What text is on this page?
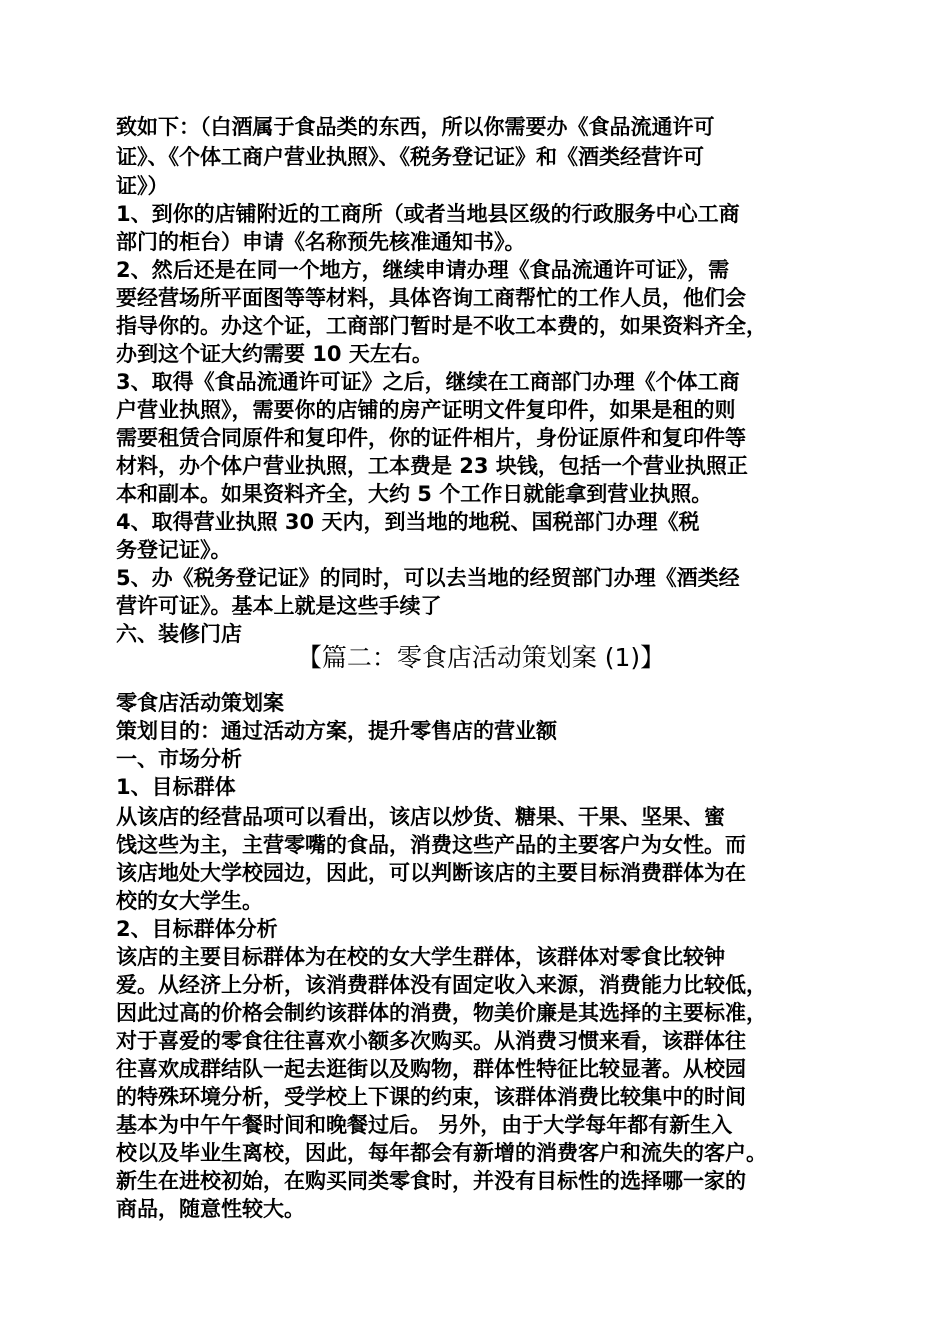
致如下：（白酒属于食品类的东西，所以你需要办《食品流通许可
证》、《个体工商户营业执照》、《税务登记证》和《酒类经营许可
证》）
1、到你的店铺附近的工商所（或者当地县区级的行政服务中心工商
部门的柜台）申请《名称预先核准通知书》。
2、然后还是在同一个地方，继续申请办理《食品流通许可证》，需
要经营场所平面图等等材料，具体咨询工商帮忙的工作人员，他们会
指导你的。办这个证，工商部门暂时是不收工本费的，如果资料齐全，
办到这个证大约需要 10 天左右。
3、取得《食品流通许可证》之后，继续在工商部门办理《个体工商
户营业执照》，需要你的店铺的房产证明文件复印件，如果是租的则
需要租赁合同原件和复印件，你的证件相片，身份证原件和复印件等
材料，办个体户营业执照，工本费是 23 块钱，包括一个营业执照正
本和副本。如果资料齐全，大约 5 个工作日就能拿到营业执照。
4、取得营业执照 30 天内，到当地的地税、国税部门办理《税
务登记证》。
5、办《税务登记证》的同时，可以去当地的经贸部门办理《酒类经
营许可证》。基本上就是这些手续了
六、装修门店
【篇二：零食店活动策划案 (1)】
零食店活动策划案
策划目的：通过活动方案，提升零售店的营业额
一、市场分析
1、目标群体
从该店的经营品项可以看出，该店以炒货、糖果、干果、坚果、蜜
饯这些为主，主营零嘴的食品，消费这些产品的主要客户为女性。而
该店地处大学校园边，因此，可以判断该店的主要目标消费群体为在
校的女大学生。
2、目标群体分析
该店的主要目标群体为在校的女大学生群体，该群体对零食比较钟
爱。从经济上分析，该消费群体没有固定收入来源，消费能力比较低，
因此过高的价格会制约该群体的消费，物美价廉是其选择的主要标准，
对于喜爱的零食往往喜欢小额多次购买。从消费习惯来看，该群体往
往喜欢成群结队一起去逛街以及购物，群体性特征比较显著。从校园
的特殊环境分析，受学校上下课的约束，该群体消费比较集中的时间
基本为中午午餐时间和晚餐过后。 另外，由于大学每年都有新生入
校以及毕业生离校，因此，每年都会有新增的消费客户和流失的客户。
新生在进校初始，在购买同类零食时，并没有目标性的选择哪一家的
商品，随意性较大。
